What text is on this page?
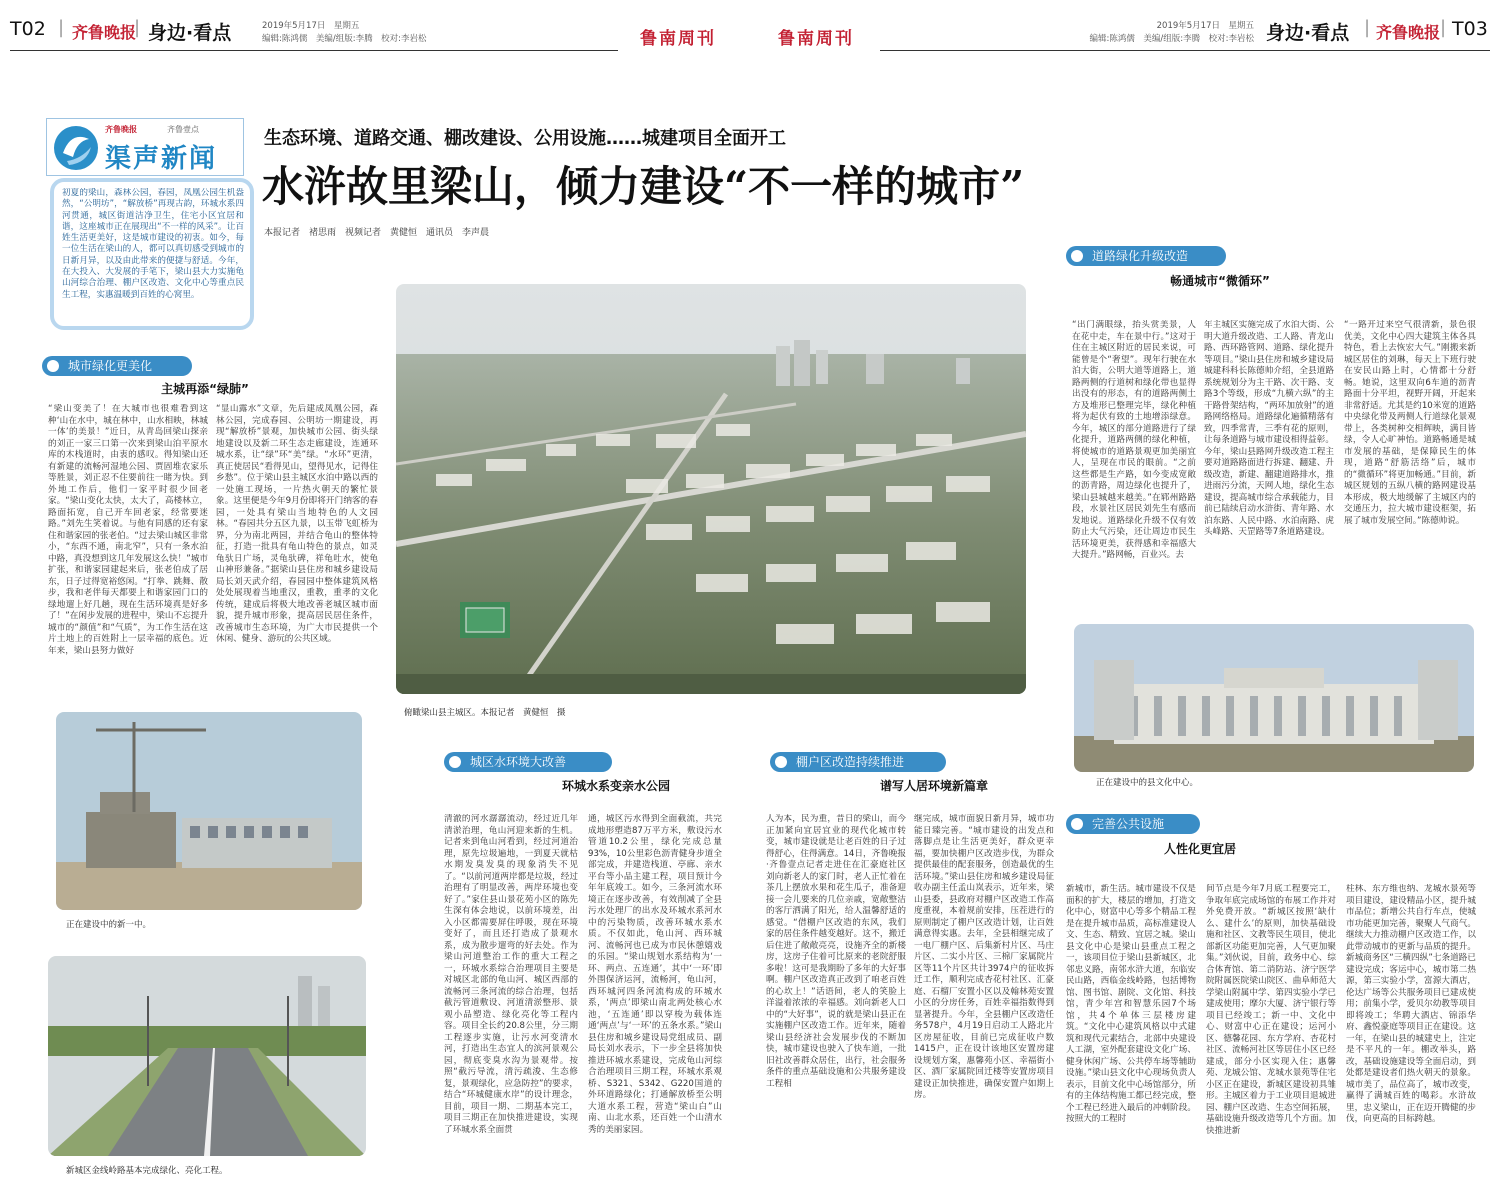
T02 | 齐鲁晚报
| 身边·看点	2019年5月17日　星期五
编辑:陈鸿儒　美编/组版:李腾　校对:李岩松	鲁南周刊	鲁南周刊
2019年5月17日　星期五
编辑:陈鸿儒　美编/组版:李腾　校对:李岩松 身边·看点 | 齐鲁晚报 | T03
齐鲁晚报	齐鲁壹点
渠声新闻
生态环境、道路交通、棚改建设、公用设施……城建项目全面开工
水浒故里梁山，倾力建设“不一样的城市”
本报记者　褚思雨　视频记者　黄健恒　通讯员　李声晨
初夏的梁山，森林公园，春园，凤凰公园生机盎然，“公明坊”，“解放桥”再现古韵，环城水系四河贯通，城区街道洁净卫生，住宅小区宜居和谐，这座城市正在展现出“不一样的风采”。让百姓生活更美好，这是城市建设的初衷。如今，每一位生活在梁山的人，都可以真切感受到城市的日新月异，以及由此带来的便捷与舒适。今年，在大投入、大发展的手笔下，梁山县大力实施龟山河综合治理、棚户区改造、文化中心等重点民生工程，实惠温暖到百姓的心窝里。
城市绿化更美化
主城再添“绿肺”
“梁山变美了！在大城市也很难看到这种‘山在水中，城在林中，山水相映，林城一体’的美景！”近日，从青岛回梁山探亲的刘正一家三口第一次来到梁山泊平原水库的木栈道时，由衷的感叹。得知梁山还有新建的流畅河湿地公园、贾固堆农家乐等胜景，刘正忍不住要前往一睹为快。到外地工作后，他们一家平时很少回老家。“梁山变化太快，太大了，高楼林立，路面拓宽，自己开车回老家，经常要迷路。”刘先生笑着说。与他有同感的还有家住和谐家园的张老伯。“过去梁山城区非常小，“东西不通，南北窄”，只有一条水泊中路，真没想到这几年发展这么快！”城市扩张，和谐家园建起来后，张老伯成了居东，日子过得宽裕悠闲。“打拳、跳舞、散步，我和老伴每天都要上和谐家园门口的绿地遛上好几趟，现在生活环境真是好多了！”在闲步发展的进程中，梁山不忘提升城市的“颜值”和“气质”，为工作生活在这片土地上的百姓附上一层幸福的底色。近年来，梁山县努力做好
“显山露水”文章，先后建成凤凰公园，森林公园，完成春园、公明坊一期建设，再现“解放桥”景观，加快城市公园、街头绿地建设以及新二环生态走廊建设，连通环城水系，让“绿”环“美”绿。“水环”更清，真正使居民“看得见山，望得见水，记得住乡愁”。位于梁山县主城区水泊中路以西的一处施工现场，一片热火朝天的繁忙景象。这里便是今年9月份即将开门纳客的春园，一处具有梁山当地特色的人文园林。“春园共分五区九景，以玉带飞虹桥为界，分为南北两园，并结合龟山的整体特征，打造一批具有龟山特色的景点，如灵龟驮日广场，灵龟驮碑，祥龟吐水，使龟山神形兼备。”据梁山县住房和城乡建设局局长刘天武介绍，春园园中整体建筑风格处处展现着当地重汉，重教，重孝的文化传统，建成后将极大地改善老城区城市面貌，提升城市形象，提高居民居住条件，改善城市生态环境，为广大市民提供一个休闲、健身、游玩的公共区域。
俯瞰梁山县主城区。本报记者　黄健恒　摄
正在建设中的新一中。
新城区金线岭路基本完成绿化、亮化工程。
道路绿化升级改造
畅通城市“微循环”
“出门满眼绿，抬头赏美景，人在花中走，车在景中行。”这对于住在主城区附近的居民来说，可能曾是个“奢望”。现年行驶在水泊大街，公明大道等道路上，道路两侧的行道树和绿化带也显得出没有的形态，有的道路两侧土方及堆形已整理完毕，绿化种植将为起伏有致的土地增添绿意。今年，城区的部分道路进行了绿化提升，道路两侧的绿化种植，将使城市的道路景观更加美丽宜人，呈现在市民的眼前。“之前这些都是生产路，如今变成宽敞的沥青路，周边绿化也提升了，梁山县城越来越美。”在郓州路路段，水景社区居民刘先生有感而发地说。道路绿化升级不仅有效防止大气污染，还让周边市民生活环境更美，获得感和幸福感大大提升。”路网畅，百业兴。去
年主城区实施完成了水泊大街、公明大道升级改造、工人路、青龙山路、西环路管网、道路、绿化提升等项目。”梁山县住房和城乡建设局城建科科长陈德帅介绍，全县道路系统规划分为主干路、次干路、支路3个等级，形成“九横六纵”的主干路骨架结构，“两环加放射”的道路网络格局。道路绿化遍循精落有致，四季常青，三季有花的原则，让每条道路与城市建设相得益彰。今年，梁山县路网升级改造工程主要对道路路面进行拆建、翻建、升级改造，新建、翻建道路排水，推进雨污分流，天网人地，绿化生态建设，提高城市综合承载能力，目前已陆续启动水浒街、青年路、水泊东路、人民中路、水泊南路、虎头峰路、天罡路等7条道路建设。
“一路开过来空气很清新，景色很优美，文化中心四大建筑主体各具特色，看上去恢宏大气。”刚搬来新城区居住的刘琳，每天上下班行驶在安民山路上时，心情都十分舒畅。她说，这里双向6车道的沥青路面十分平坦，视野开阔，开起来非常舒适。尤其是约10米宽的道路中央绿化带及两侧人行道绿化景观带上，各类树种交相辉映，满目皆绿，令人心旷神怡。道路畅通是城市发展的基础，是保障民生的体现，道路“舒筋活络”后，城市的“微循环”将更加畅通。”目前，新城区规划的五纵八横的路网建设基本形成，极大地缓解了主城区内的交通压力，拉大城市建设框架，拓展了城市发展空间。”陈德帅说。
正在建设中的县文化中心。
城区水环境大改善
环城水系变亲水公园
清澈的河水潺潺流动，经过近几年清淤治理，龟山河迎来新的生机。记者来到龟山河看到，经过河道治理，原先垃圾遍地，一到夏天就枯水期发臭发臭的现象消失不见了。“以前河道两岸都是垃圾，经过治理有了明显改善，两岸环境也变好了。”家住县山景花苑小区的陈先生深有体会地说，以前环境差，出入小区都需要屏住呼吸，现在环境变好了，而且还打造成了景观水系，成为散步遛弯的好去处。作为梁山河道整治工作的重大工程之一，环城水系综合治理项目主要是对城区北部的龟山河、城区西部的流畅河三条河流的综合治理，包括截污管道敷设、河道清淤整形、景观小品塑造、绿化亮化等工程内容。项目全长约20.8公里，分三期工程逐步实施，让污水河变清水河，打造出生态宜人的滨河景观公园，彻底变臭水沟为景观带。按照“截污导流，清污疏浚、生态修复，景观绿化，应急防控”的要求，结合“环城健康水岸”的设计理念，目前，项目一期、二期基本完工，项目三期正在加快推进建设，实现了环城水系全面贯
通，城区污水得到全面截流，共完成地形塑造87万平方米，敷设污水管道10.2公里，绿化完成总量93%，10公里彩色沥青健身步道全部完成，并建造栈道、亭廊、亲水平台等小品主建工程，项目预计今年年底竣工。如今，三条河流水环境正在逐步改善，有效削减了全县污水处理厂的出水及环城水系河水中的污染物质，改善环城水系水质。不仅如此，龟山河、西环城河、流畅河也已成为市民休憩嬉戏的乐园。“梁山规划水系结构为‘一环、两点、五连通’，其中‘一环’即外围保济运河，流畅河，龟山河，西环城河四条河流构成的环城水系，‘两点’即梁山南北两处核心水池，‘五连通’即以穿梭为载体连通‘两点’与‘一环’的五条水系。”梁山县住房和城乡建设局党组成员、副局长刘水表示，下一步全县将加快推进环城水系建设，完成龟山河综合治理项目三期工程，环城水系观桥、S321、S342、G220国道的外环道路绿化；打通解放桥至公明大道水系工程，营造“梁山白”山南、山北水系，还百姓一个山清水秀的美丽家园。
棚户区改造持续推进
谱写人居环境新篇章
人为本，民为重，昔日的梁山，而今正加紧向宜居宜业的现代化城市转变，城市建设就是让老百姓的日子过得舒心，住得满意。14日，齐鲁晚报·齐鲁壹点记者走进住在汇豪庭社区刘向新老人的家门时，老人正忙着在茶几上摆放水果和花生瓜子，准备迎接一会儿要来的几位亲戚，宽敞整洁的客厅洒满了阳光，给人温馨舒适的感觉。“借棚户区改造的东风，我们家的居住条件越变越好。这不，搬迁后住进了敞敞亮亮，设施齐全的新楼房，这房子住着可比原来的老院舒服多啦！这可是我期盼了多年的大好事啊。棚户区改造真正改到了咱老百姓的心坎上！”话语间，老人的笑脸上洋溢着浓浓的幸福感。刘向新老人口中的“大好事”，说的就是梁山县正在实施棚户区改造工作。近年来，随着梁山县经济社会发展步伐的不断加快，城市建设也驶入了快车道，一批旧社改善群众居住，出行，社会服务条件的重点基础设施和公共服务建设工程相
继完成，城市面貌日新月异，城市功能日臻完善。“城市建设的出发点和落脚点是让生活更美好，群众更幸福，要加快棚户区改造步伐，为群众提供最佳的配套服务，创造最优的生活环境。”梁山县住房和城乡建设局征收办副主任孟山岚表示，近年来，梁山县委，县政府对棚户区改造工作高度重视，本着规前安排，压茬进行的原则制定了棚户区改造计划，让百姓满意得实惠。去年，全县相继完成了一电厂棚户区、后集新村片区、马庄片区、二实小片区、三棉厂家属院片区等11个片区共计3974户的征收拆迁工作，顺利完成杏花村社区、汇豪庭、石榴厂安置小区以及翰林苑安置小区的分房任务，百姓幸福指数得到显著提升。今年，全县棚户区改造任务578户，4月19日启动工人路北片区房屋征收，目前已完成征收户数1415户，正在设计该地区安置房建设规划方案，惠馨苑小区、幸福街小区、酒厂家属院回迁楼等安置房项目建设正加快推进，确保安置户如期上房。
完善公共设施
人性化更宜居
新城市，新生活。城市建设不仅是面积的扩大，楼层的增加，打造文化中心，财富中心等多个精品工程是在提升城市品质，高标准建设人文、生态、精致、宜居之城。梁山县文化中心是梁山县重点工程之一，该项目位于梁山县新城区，北邻忠义路，南邻水浒大道，东临安民山路，西临金线岭路，包括博物馆、图书馆、剧院、文化馆、科技馆，青少年宫和智慧乐园7个场馆，共4个单体三层楼房建筑。“文化中心建筑风格以中式建筑和现代元素结合，北部中央建设人工湖，室外配套建设文化广场、健身休闲广场、公共停车场等辅助设施。”梁山县文化中心现场负责人表示，目前文化中心场馆部分，所有的主体结构施工都已经完成，整个工程已经进入最后的冲刺阶段。按照大的工程时
间节点是今年7月底工程要完工，争取年底完成场馆的布展工作并对外免费开放。“新城区按照‘缺什么、建什么’的原则，加快基础设施和社区、文教等民生项目，使北部新区功能更加完善，人气更加聚集。”刘伙说，目前，政务中心、综合体育馆、第二消防站、济宁医学院附属医院梁山院区、曲阜师范大学梁山附属中学、第四实验小学已建成使用；摩尔大厦、济宁银行等项目已经竣工；新一中、文化中心、财富中心正在建设；运河小区、德馨花园、东方学府、杏花村社区、流畅河社区等居住小区已经建成，部分小区实现入住；惠馨苑、龙城公馆、龙城水景苑等住宅小区正在建设，新城区建设初具雏形。主城区着力于工业项目退城进园、棚户区改造、生态空间拓展，基础设施升级改造等几个方面。加快推进新
柱林、东方维也纳、龙城水景苑等项目建设，建设精品小区，提升城市品位；新增公共自行车点，使城市功能更加完善，聚聚人气商气。继续大力推动棚户区改造工作，以此带动城市的更新与品质的提升。新城商务区“三横四纵”七条道路已建设完成；客运中心，城市第二热源，第三实验小学，富源大酒店，伦达广场等公共服务项目已建成使用；前集小学，爱贝尔幼教等项目即将竣工；华聘大酒店、锦添华府、鑫悦豪庭等项目正在建设。这一年，在梁山县的城建史上，注定是不平凡的一年。棚改举头，路改，基础设施建设等全面启动，到处都是建设者们热火朝天的景象。城市美了，品位高了，城市改变，赢得了满城百姓的喝彩。水浒故里，忠义梁山，正在迈开腾健的步伐，向更高的目标跨越。
